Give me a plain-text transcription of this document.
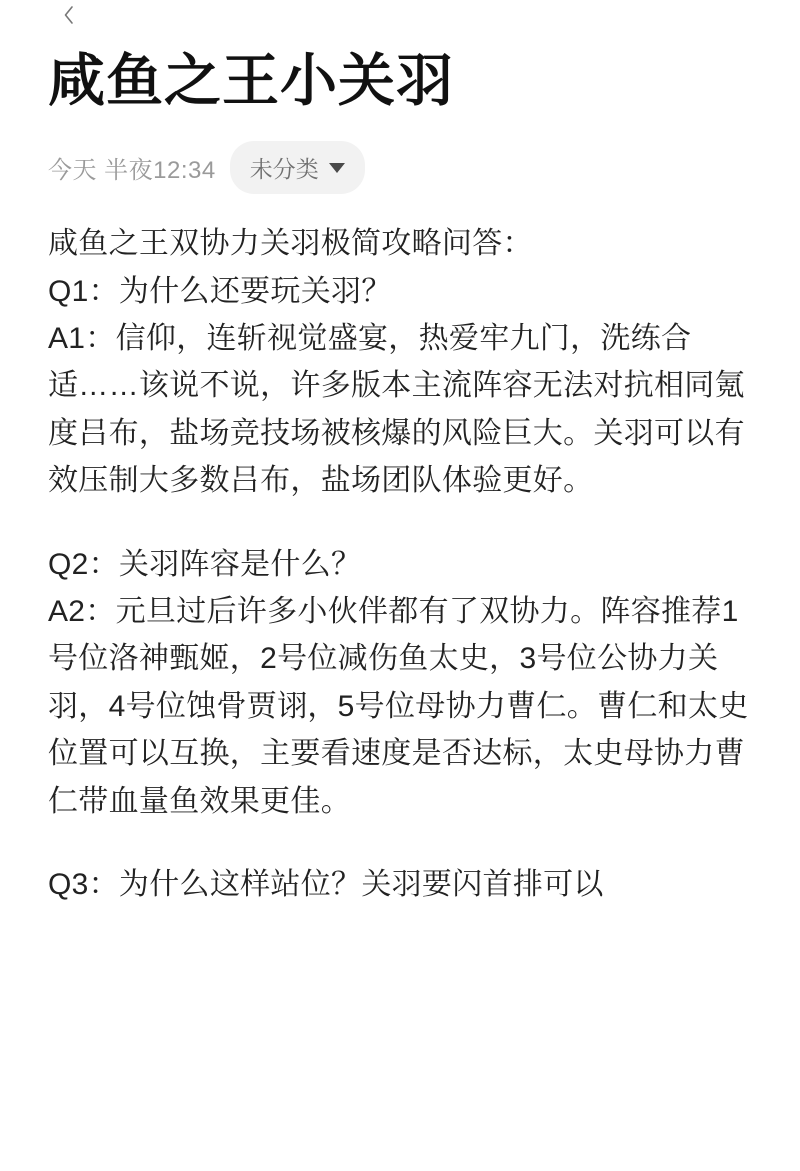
咸鱼之王小关羽
今天 半夜12:34 未分类

咸鱼之王双协力关羽极简攻略问答：

Q1：为什么还要玩关羽？

A1：信仰，连斩视觉盛宴，热爱牢九门，洗练合适……该说不说，许多版本主流阵容无法对抗相同氪度吕布，盐场竞技场被核爆的风险巨大。关羽可以有效压制大多数吕布，盐场团队体验更好。

Q2：关羽阵容是什么？

A2：元旦过后许多小伙伴都有了双协力。阵容推荐1号位洛神甄姬，2号位减伤鱼太史，3号位公协力关羽，4号位蚀骨贾诩，5号位母协力曹仁。曹仁和太史位置可以互换，主要看速度是否达标，太史母协力曹仁带血量鱼效果更佳。

Q3：为什么这样站位？关羽要闪首排可以
